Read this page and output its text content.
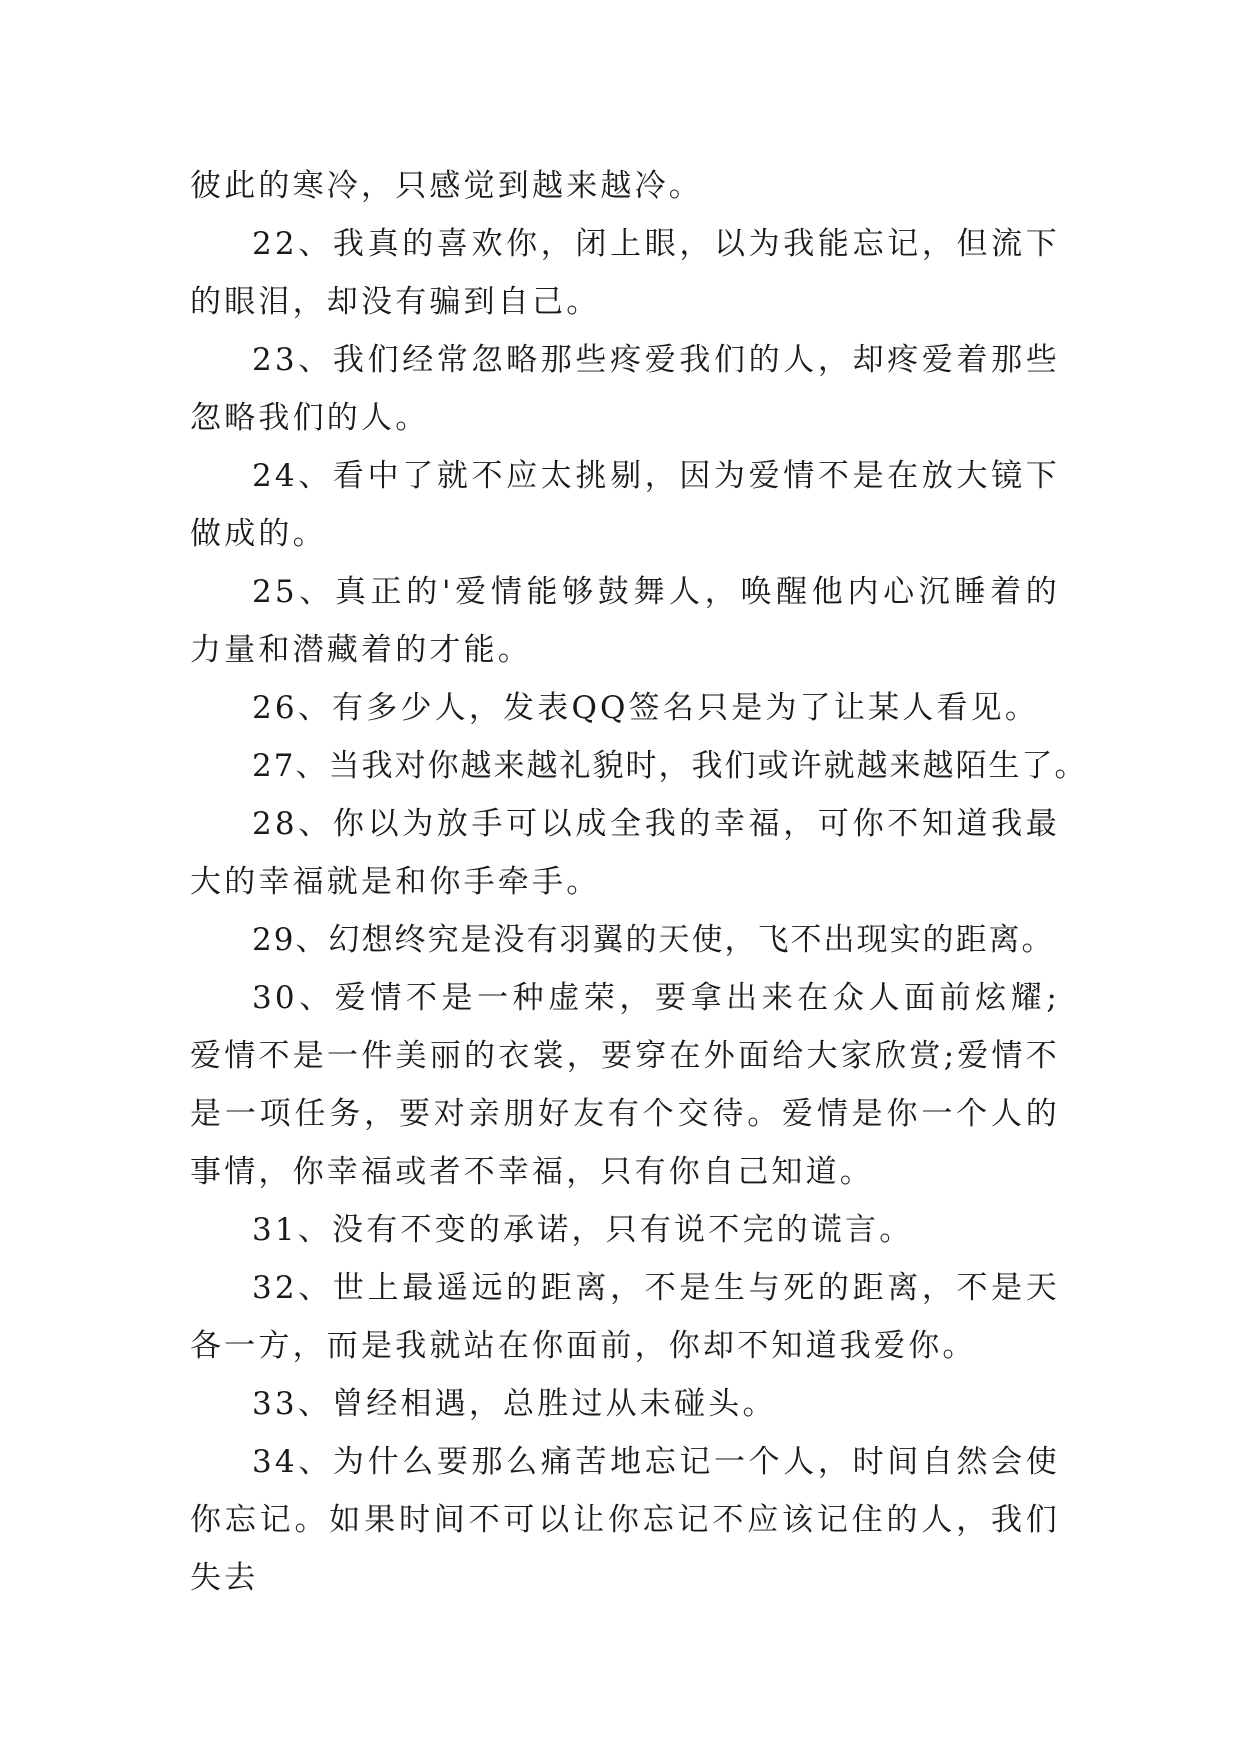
彼此的寒冷，只感觉到越来越冷。

22、我真的喜欢你，闭上眼，以为我能忘记，但流下的眼泪，却没有骗到自己。

23、我们经常忽略那些疼爱我们的人，却疼爱着那些忽略我们的人。

24、看中了就不应太挑剔，因为爱情不是在放大镜下做成的。

25、真正的'爱情能够鼓舞人，唤醒他内心沉睡着的力量和潜藏着的才能。

26、有多少人，发表QQ签名只是为了让某人看见。

27、当我对你越来越礼貌时，我们或许就越来越陌生了。

28、你以为放手可以成全我的幸福，可你不知道我最大的幸福就是和你手牵手。

29、幻想终究是没有羽翼的天使，飞不出现实的距离。

30、爱情不是一种虚荣，要拿出来在众人面前炫耀;爱情不是一件美丽的衣裳，要穿在外面给大家欣赏;爱情不是一项任务，要对亲朋好友有个交待。爱情是你一个人的事情，你幸福或者不幸福，只有你自己知道。

31、没有不变的承诺，只有说不完的谎言。

32、世上最遥远的距离，不是生与死的距离，不是天各一方，而是我就站在你面前，你却不知道我爱你。

33、曾经相遇，总胜过从未碰头。

34、为什么要那么痛苦地忘记一个人，时间自然会使你忘记。如果时间不可以让你忘记不应该记住的人，我们失去
